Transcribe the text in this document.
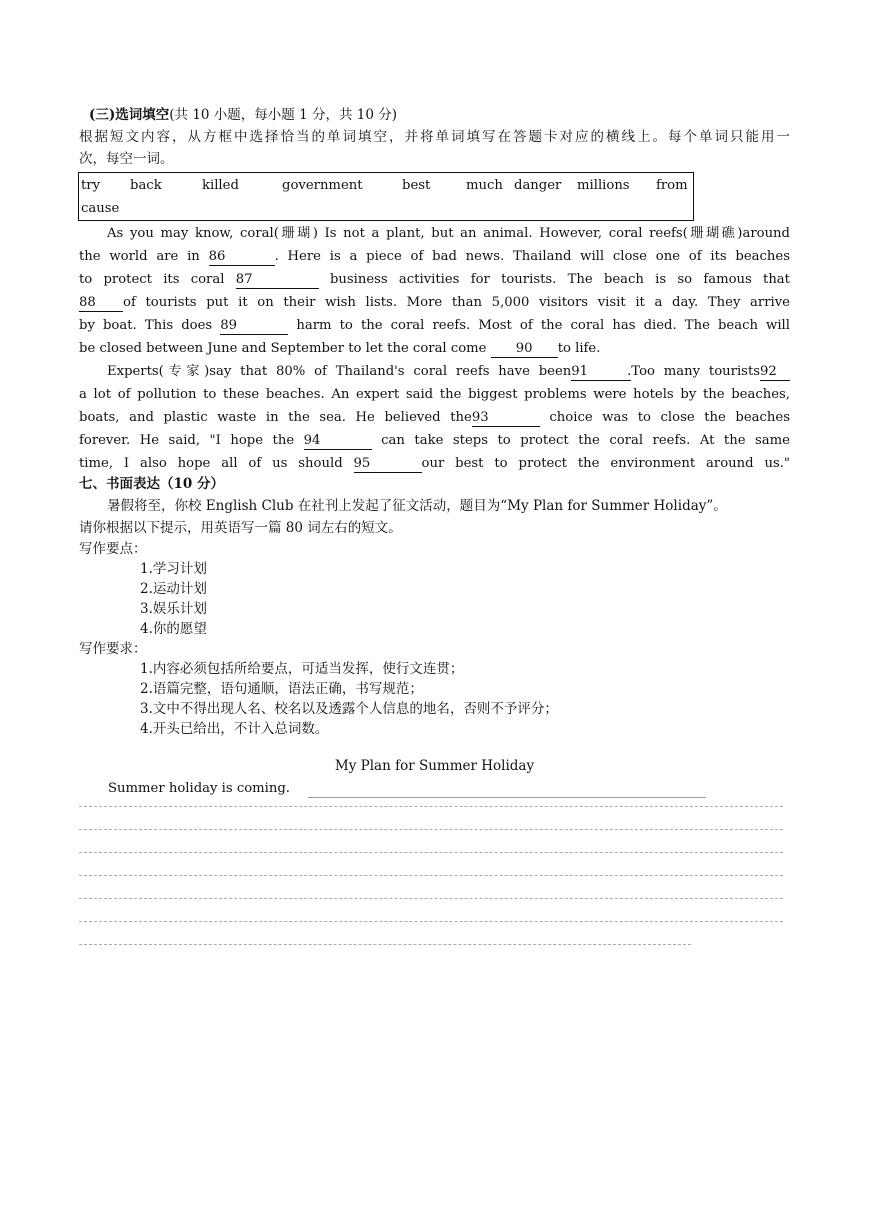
(三)选词填空(共 10 小题，每小题 1 分，共 10 分)
根据短文内容，从方框中选择恰当的单词填空，并将单词填写在答题卡对应的横线上。每个单词只能用一
次，每空一词。
try back	killed	government	best	much danger millions from
cause
As you may know, coral(珊瑚) Is not a plant, but an animal. However, coral reefs(珊瑚礁)around
the world are in 86	. Here is a piece of bad news. Thailand will close one of its beaches
to protect its coral 87	business activities for tourists. The beach is so famous that
88 of tourists put it on their wish lists. More than 5,000 visitors visit it a day. They arrive
by boat. This does 89	harm to the coral reefs. Most of the coral has died. The beach will
be closed between June and September to let the coral come 90 to life.
Experts(专家)say that 80% of Thailand's coral reefs have been91 .Too many tourists92
a lot of pollution to these beaches. An expert said the biggest problems were hotels by the beaches,
boats, and plastic waste in the sea. He believed the93	choice was to close the beaches
forever. He said, "I hope the 94	can take steps to protect the coral reefs. At the same
time, I also hope all of us should 95	our best to protect the environment around us."
七、书面表达（10 分）
暑假将至，你校 English Club 在社刊上发起了征文活动，题目为“My Plan for Summer Holiday”。
请你根据以下提示，用英语写一篇 80 词左右的短文。
写作要点：
1.学习计划
2.运动计划
3.娱乐计划
4.你的愿望
写作要求：
1.内容必须包括所给要点，可适当发挥，使行文连贯；
2.语篇完整，语句通顺，语法正确，书写规范；
3.文中不得出现人名、校名以及透露个人信息的地名，否则不予评分；
4.开头已给出，不计入总词数。
My Plan for Summer Holiday
Summer holiday is coming.
